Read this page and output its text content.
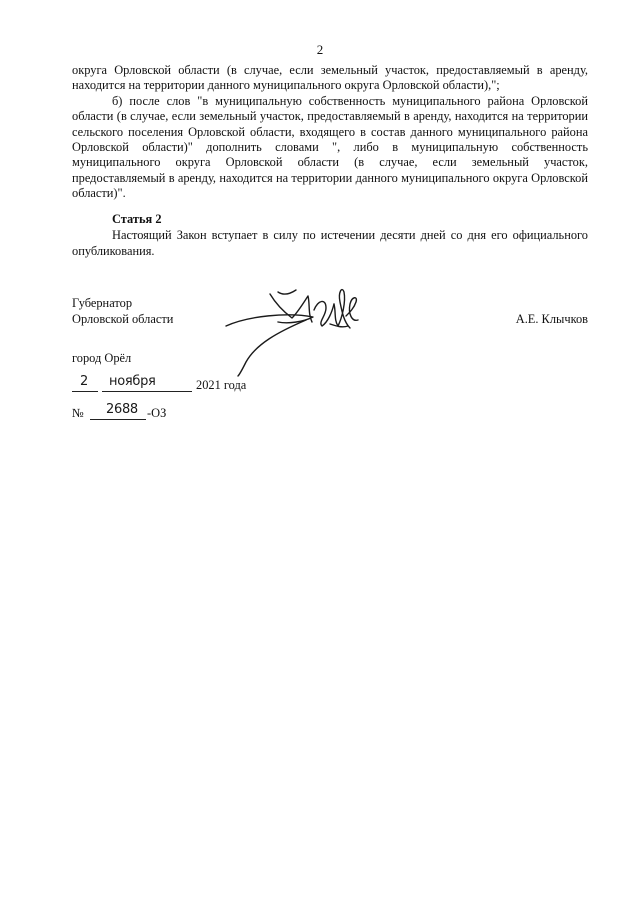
2

округа Орловской области (в случае, если земельный участок, предоставляемый в аренду, находится на территории данного муниципального округа Орловской области),";

б) после слов "в муниципальную собственность муниципального района Орловской области (в случае, если земельный участок, предоставляемый в аренду, находится на территории сельского поселения Орловской области, входящего в состав данного муниципального района Орловской области)" дополнить словами ", либо в муниципальную собственность муниципального округа Орловской области (в случае, если земельный участок, предоставляемый в аренду, находится на территории данного муниципального округа Орловской области)".

Статья 2

Настоящий Закон вступает в силу по истечении десяти дней со дня его официального опубликования.

Губернатор
Орловской области	А.Е. Клычков
город Орёл
2 ноября	2021 года
№ 2688 -ОЗ
